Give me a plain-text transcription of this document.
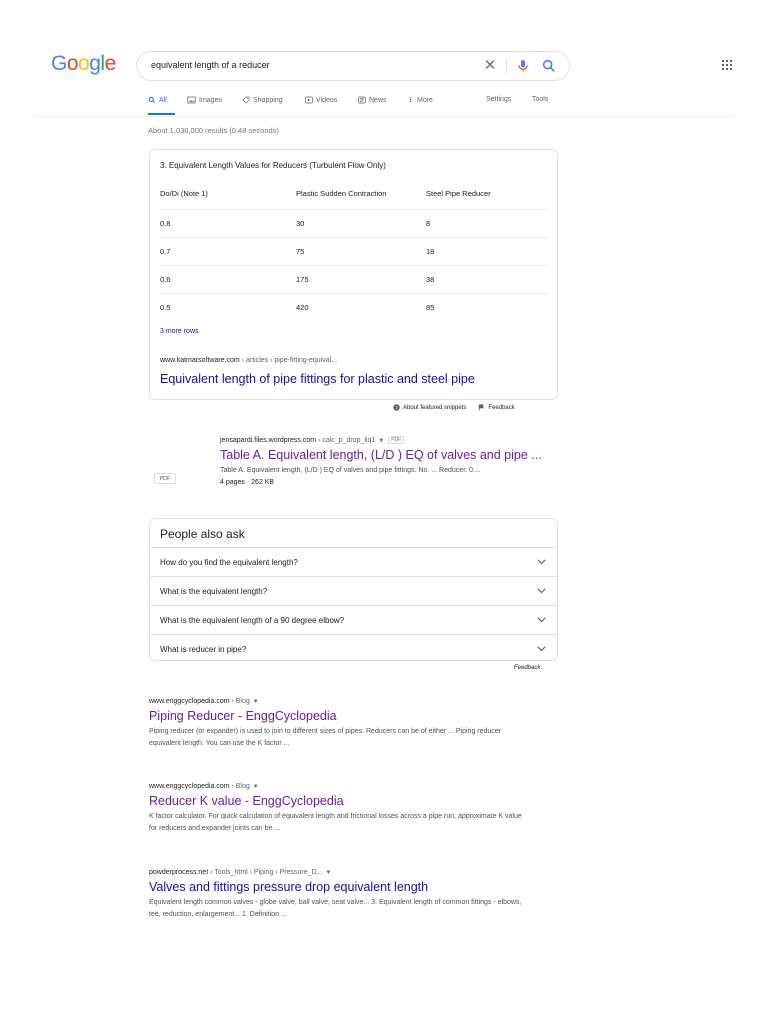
Google	equivalent length of a reducer	✕
All	Images	Shopping	Videos	News	⋮ More	Settings	Tools
About 1,030,000 results (0.48 seconds)
3. Equivalent Length Values for Reducers (Turbulent Flow Only)
Do/Di (Note 1)	Plastic Sudden Contraction	Steel Pipe Reducer
0.8	30	8
0.7	75	18
0.6	175	38
0.5	420	85
3 more rows
www.katmarsoftware.com › articles › pipe-fitting-equival...
Equivalent length of pipe fittings for plastic and steel pipe
? About featured snippets	Feedback
PDF
jensapardi.files.wordpress.com › calc_p_drop_liq1 ▼ PDF
Table A. Equivalent length, (L/D ) EQ of valves and pipe ...
Table A. Equivalent length, (L/D ) EQ of valves and pipe fittings. No. ... Reducer. 0....
4 pages · 262 KB
People also ask
How do you find the equivalent length?
What is the equivalent length?
What is the equivalent length of a 90 degree elbow?
What is reducer in pipe?
Feedback
www.enggcyclopedia.com › Blog ▼
Piping Reducer - EnggCyclopedia
Piping reducer (or expander) is used to join to different sizes of pipes. Reducers can be of either ... Piping reducer equivalent length. You can use the K factor ...
www.enggcyclopedia.com › Blog ▼
Reducer K value - EnggCyclopedia
K factor calculator. For quick calculation of equivalent length and frictional losses across a pipe run, approximate K value for reducers and expander joints can be ...
powderprocess.net › Tools_html › Piping › Pressure_D... ▼
Valves and fittings pressure drop equivalent length
Equivalent length common valves - globe valve, ball valve, seat valve... 3. Equivalent length of common fittings - elbows, tee, reduction, enlargement... 1. Definition ...
